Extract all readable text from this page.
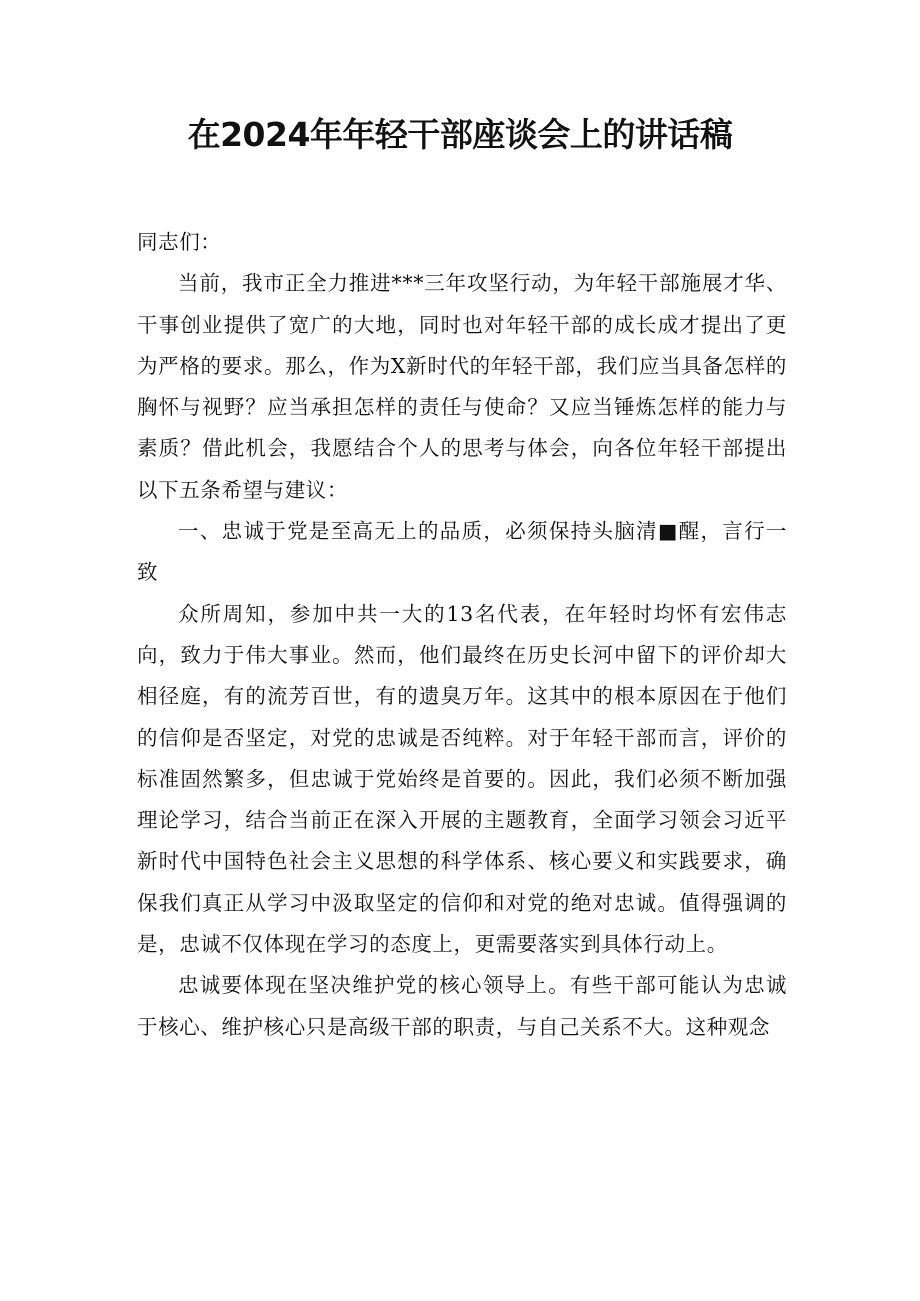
在2024年年轻干部座谈会上的讲话稿

同志们：

当前，我市正全力推进***三年攻坚行动，为年轻干部施展才华、干事创业提供了宽广的大地，同时也对年轻干部的成长成才提出了更为严格的要求。那么，作为X新时代的年轻干部，我们应当具备怎样的胸怀与视野？应当承担怎样的责任与使命？又应当锤炼怎样的能力与素质？借此机会，我愿结合个人的思考与体会，向各位年轻干部提出以下五条希望与建议：

一、忠诚于党是至高无上的品质，必须保持头脑清■醒，言行一致

众所周知，参加中共一大的13名代表，在年轻时均怀有宏伟志向，致力于伟大事业。然而，他们最终在历史长河中留下的评价却大相径庭，有的流芳百世，有的遗臭万年。这其中的根本原因在于他们的信仰是否坚定，对党的忠诚是否纯粹。对于年轻干部而言，评价的标准固然繁多，但忠诚于党始终是首要的。因此，我们必须不断加强理论学习，结合当前正在深入开展的主题教育，全面学习领会习近平新时代中国特色社会主义思想的科学体系、核心要义和实践要求，确保我们真正从学习中汲取坚定的信仰和对党的绝对忠诚。值得强调的是，忠诚不仅体现在学习的态度上，更需要落实到具体行动上。

忠诚要体现在坚决维护党的核心领导上。有些干部可能认为忠诚于核心、维护核心只是高级干部的职责，与自己关系不大。这种观念
